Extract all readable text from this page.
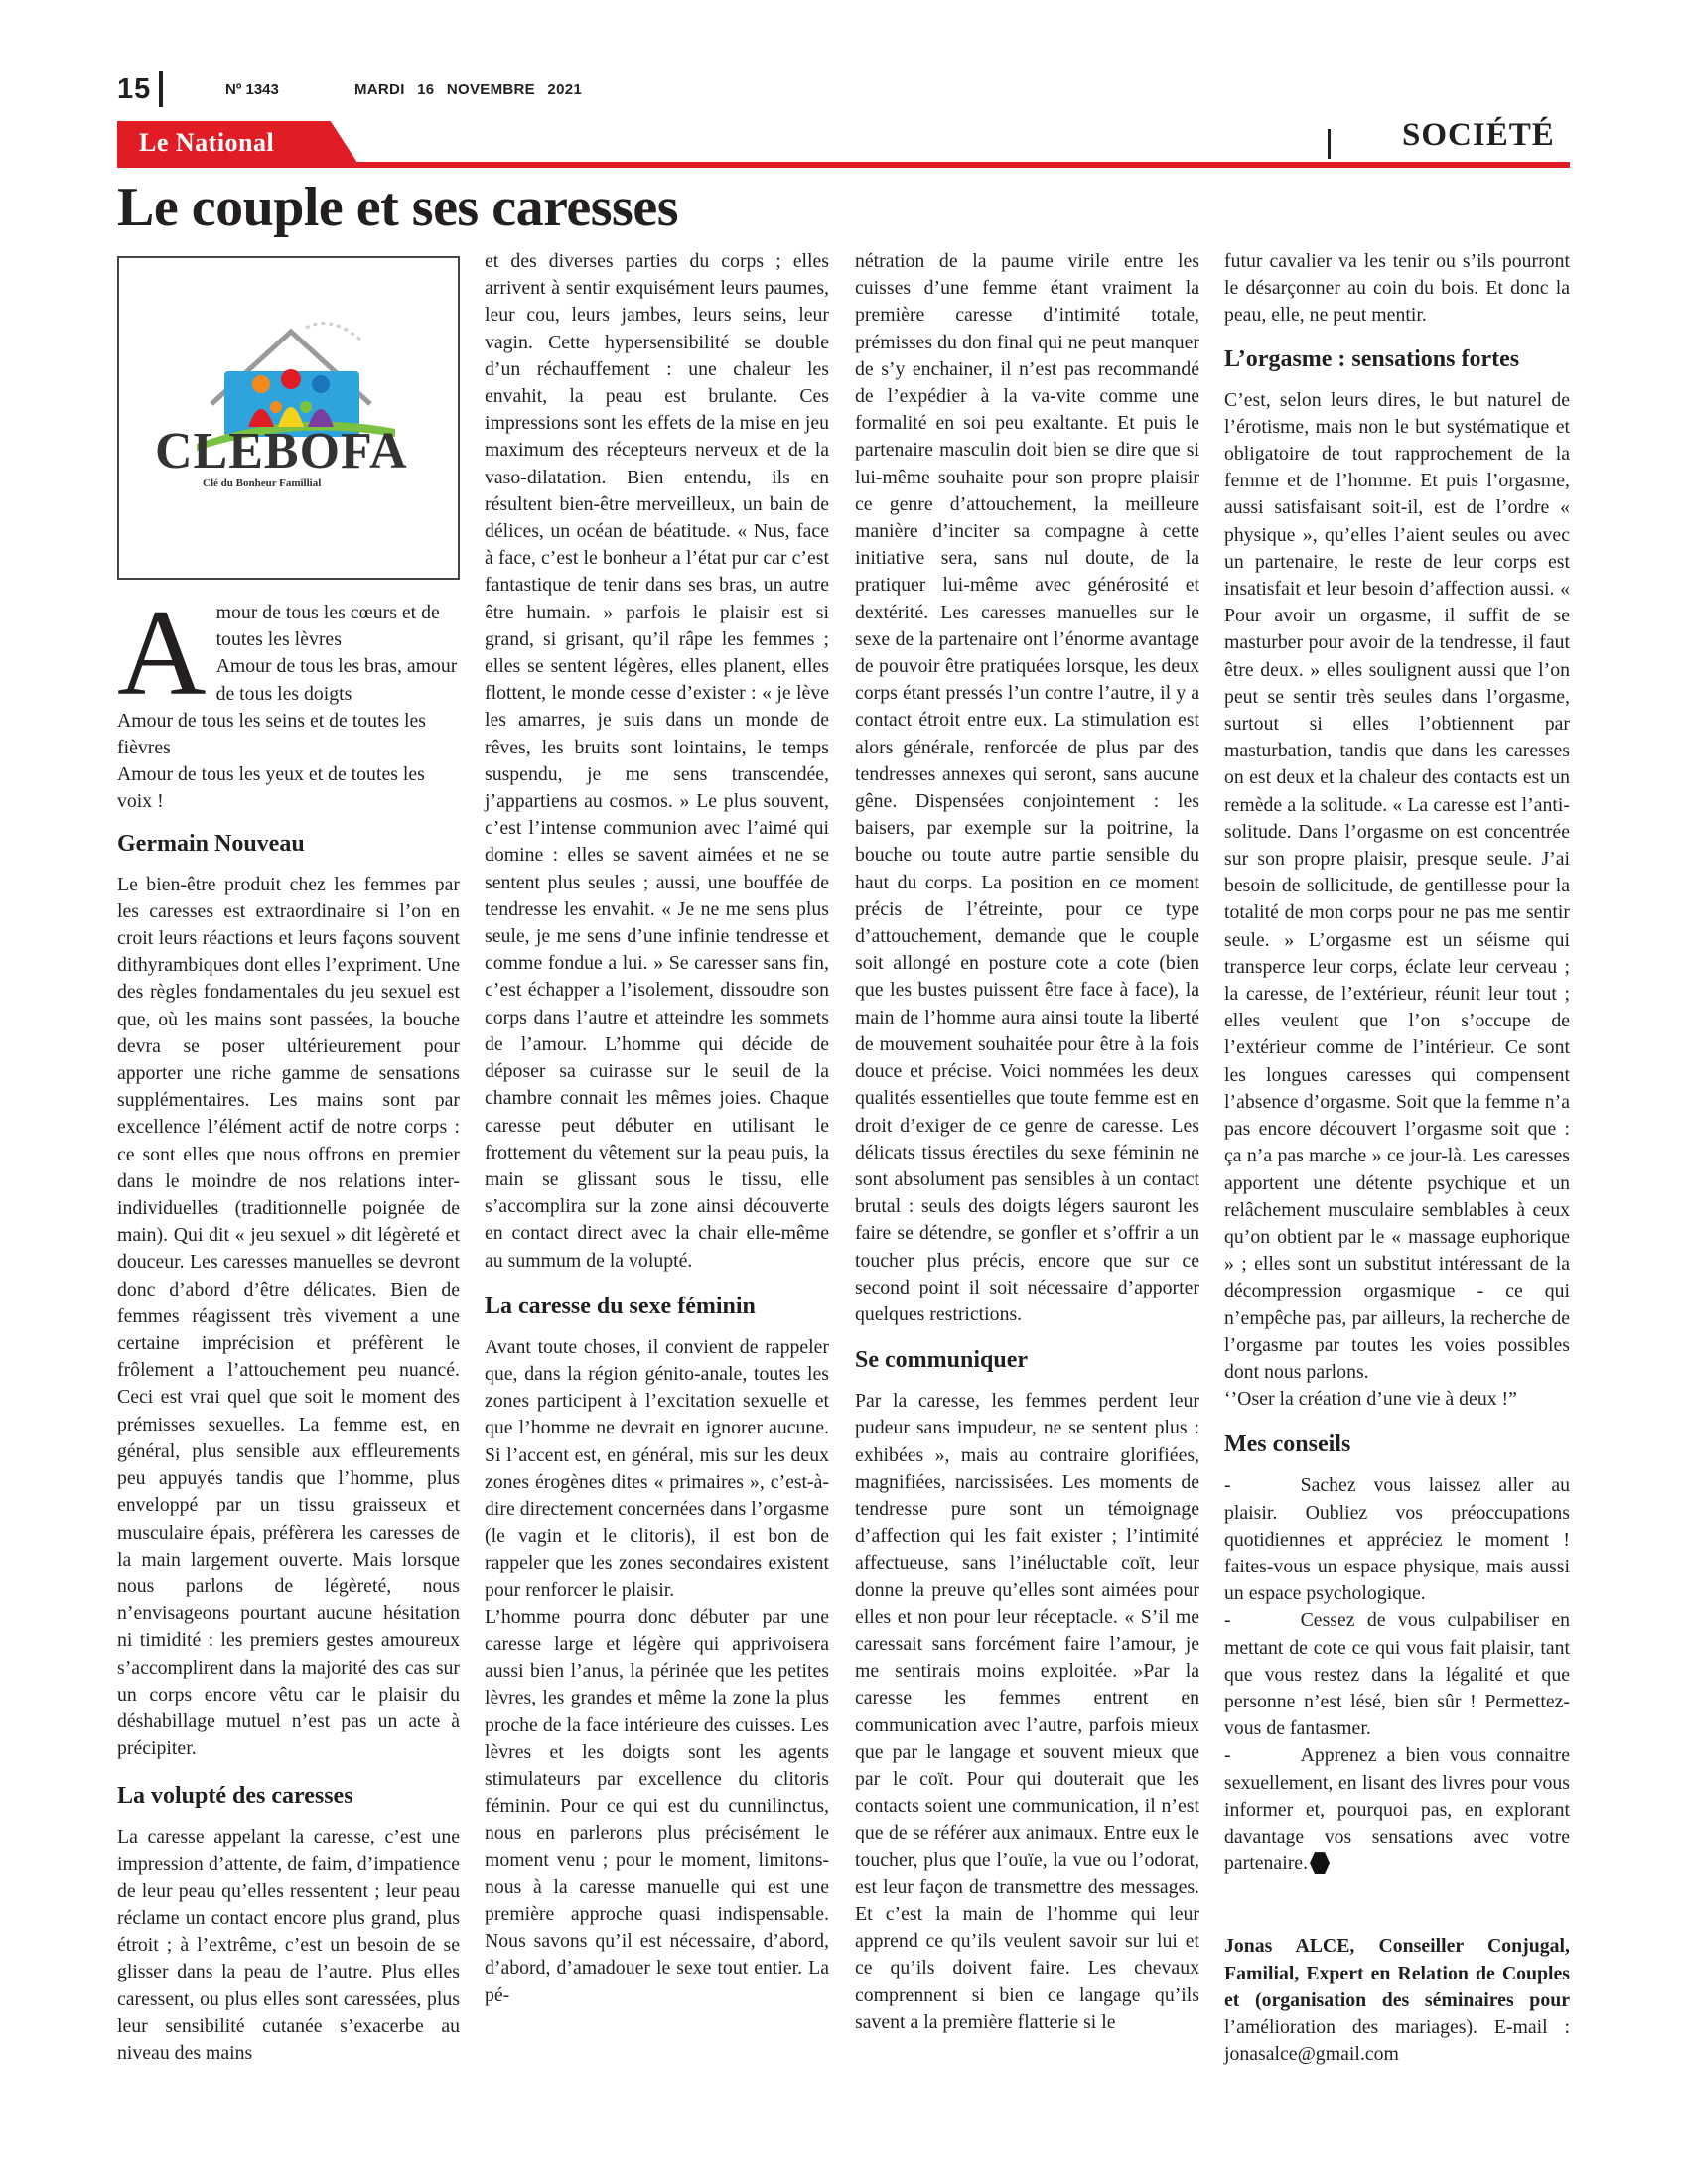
15	Nº 1343	MARDI 16 NOVEMBRE 2021
Le National	SOCIÉTÉ
Le couple et ses caresses
CLEBOFA
Clé du Bonheur Famillial
A mour de tous les cœurs et de toutes les lèvres
Amour de tous les bras, amour de tous les doigts
Amour de tous les seins et de toutes les fièvres
Amour de tous les yeux et de toutes les voix !
Germain Nouveau

Le bien-être produit chez les femmes par les caresses est extraordinaire si l’on en croit leurs réactions et leurs façons souvent dithyrambiques dont elles l’expriment. Une des règles fondamentales du jeu sexuel est que, où les mains sont passées, la bouche devra se poser ultérieurement pour apporter une riche gamme de sensations supplémentaires. Les mains sont par excellence l’élément actif de notre corps : ce sont elles que nous offrons en premier dans le moindre de nos relations inter-individuelles (traditionnelle poignée de main). Qui dit « jeu sexuel » dit légèreté et douceur. Les caresses manuelles se devront donc d’abord d’être délicates. Bien de femmes réagissent très vivement a une certaine imprécision et préfèrent le frôlement a l’attouchement peu nuancé. Ceci est vrai quel que soit le moment des prémisses sexuelles. La femme est, en général, plus sensible aux effleurements peu appuyés tandis que l’homme, plus enveloppé par un tissu graisseux et musculaire épais, préfèrera les caresses de la main largement ouverte. Mais lorsque nous parlons de légèreté, nous n’envisageons pourtant aucune hésitation ni timidité : les premiers gestes amoureux s’accomplirent dans la majorité des cas sur un corps encore vêtu car le plaisir du déshabillage mutuel n’est pas un acte à précipiter.

La volupté des caresses

La caresse appelant la caresse, c’est une impression d’attente, de faim, d’impatience de leur peau qu’elles ressentent ; leur peau réclame un contact encore plus grand, plus étroit ; à l’extrême, c’est un besoin de se glisser dans la peau de l’autre. Plus elles caressent, ou plus elles sont caressées, plus leur sensibilité cutanée s’exacerbe au niveau des mains

et des diverses parties du corps ; elles arrivent à sentir exquisément leurs paumes, leur cou, leurs jambes, leurs seins, leur vagin. Cette hypersensibilité se double d’un réchauffement : une chaleur les envahit, la peau est brulante. Ces impressions sont les effets de la mise en jeu maximum des récepteurs nerveux et de la vaso-dilatation. Bien entendu, ils en résultent bien-être merveilleux, un bain de délices, un océan de béatitude. « Nus, face à face, c’est le bonheur a l’état pur car c’est fantastique de tenir dans ses bras, un autre être humain. » parfois le plaisir est si grand, si grisant, qu’il râpe les femmes ; elles se sentent légères, elles planent, elles flottent, le monde cesse d’exister : « je lève les amarres, je suis dans un monde de rêves, les bruits sont lointains, le temps suspendu, je me sens transcendée, j’appartiens au cosmos. » Le plus souvent, c’est l’intense communion avec l’aimé qui domine : elles se savent aimées et ne se sentent plus seules ; aussi, une bouffée de tendresse les envahit. « Je ne me sens plus seule, je me sens d’une infinie tendresse et comme fondue a lui. » Se caresser sans fin, c’est échapper a l’isolement, dissoudre son corps dans l’autre et atteindre les sommets de l’amour. L’homme qui décide de déposer sa cuirasse sur le seuil de la chambre connait les mêmes joies. Chaque caresse peut débuter en utilisant le frottement du vêtement sur la peau puis, la main se glissant sous le tissu, elle s’accomplira sur la zone ainsi découverte en contact direct avec la chair elle-même au summum de la volupté.

La caresse du sexe féminin

Avant toute choses, il convient de rappeler que, dans la région génito-anale, toutes les zones participent à l’excitation sexuelle et que l’homme ne devrait en ignorer aucune. Si l’accent est, en général, mis sur les deux zones érogènes dites « primaires », c’est-à-dire directement concernées dans l’orgasme (le vagin et le clitoris), il est bon de rappeler que les zones secondaires existent pour renforcer le plaisir.

L’homme pourra donc débuter par une caresse large et légère qui apprivoisera aussi bien l’anus, la périnée que les petites lèvres, les grandes et même la zone la plus proche de la face intérieure des cuisses. Les lèvres et les doigts sont les agents stimulateurs par excellence du clitoris féminin. Pour ce qui est du cunnilinctus, nous en parlerons plus précisément le moment venu ; pour le moment, limitons-nous à la caresse manuelle qui est une première approche quasi indispensable. Nous savons qu’il est nécessaire, d’abord, d’abord, d’amadouer le sexe tout entier. La pé-

nétration de la paume virile entre les cuisses d’une femme étant vraiment la première caresse d’intimité totale, prémisses du don final qui ne peut manquer de s’y enchainer, il n’est pas recommandé de l’expédier à la va-vite comme une formalité en soi peu exaltante. Et puis le partenaire masculin doit bien se dire que si lui-même souhaite pour son propre plaisir ce genre d’attouchement, la meilleure manière d’inciter sa compagne à cette initiative sera, sans nul doute, de la pratiquer lui-même avec générosité et dextérité. Les caresses manuelles sur le sexe de la partenaire ont l’énorme avantage de pouvoir être pratiquées lorsque, les deux corps étant pressés l’un contre l’autre, il y a contact étroit entre eux. La stimulation est alors générale, renforcée de plus par des tendresses annexes qui seront, sans aucune gêne. Dispensées conjointement : les baisers, par exemple sur la poitrine, la bouche ou toute autre partie sensible du haut du corps. La position en ce moment précis de l’étreinte, pour ce type d’attouchement, demande que le couple soit allongé en posture cote a cote (bien que les bustes puissent être face à face), la main de l’homme aura ainsi toute la liberté de mouvement souhaitée pour être à la fois douce et précise. Voici nommées les deux qualités essentielles que toute femme est en droit d’exiger de ce genre de caresse. Les délicats tissus érectiles du sexe féminin ne sont absolument pas sensibles à un contact brutal : seuls des doigts légers sauront les faire se détendre, se gonfler et s’offrir a un toucher plus précis, encore que sur ce second point il soit nécessaire d’apporter quelques restrictions.

Se communiquer

Par la caresse, les femmes perdent leur pudeur sans impudeur, ne se sentent plus : exhibées », mais au contraire glorifiées, magnifiées, narcissisées. Les moments de tendresse pure sont un témoignage d’affection qui les fait exister ; l’intimité affectueuse, sans l’inéluctable coït, leur donne la preuve qu’elles sont aimées pour elles et non pour leur réceptacle. « S’il me caressait sans forcément faire l’amour, je me sentirais moins exploitée. »Par la caresse les femmes entrent en communication avec l’autre, parfois mieux que par le langage et souvent mieux que par le coït. Pour qui douterait que les contacts soient une communication, il n’est que de se référer aux animaux. Entre eux le toucher, plus que l’ouïe, la vue ou l’odorat, est leur façon de transmettre des messages. Et c’est la main de l’homme qui leur apprend ce qu’ils veulent savoir sur lui et ce qu’ils doivent faire. Les chevaux comprennent si bien ce langage qu’ils savent a la première flatterie si le

futur cavalier va les tenir ou s’ils pourront le désarçonner au coin du bois. Et donc la peau, elle, ne peut mentir.

L’orgasme : sensations fortes

C’est, selon leurs dires, le but naturel de l’érotisme, mais non le but systématique et obligatoire de tout rapprochement de la femme et de l’homme. Et puis l’orgasme, aussi satisfaisant soit-il, est de l’ordre « physique », qu’elles l’aient seules ou avec un partenaire, le reste de leur corps est insatisfait et leur besoin d’affection aussi. « Pour avoir un orgasme, il suffit de se masturber pour avoir de la tendresse, il faut être deux. » elles soulignent aussi que l’on peut se sentir très seules dans l’orgasme, surtout si elles l’obtiennent par masturbation, tandis que dans les caresses on est deux et la chaleur des contacts est un remède a la solitude. « La caresse est l’anti-solitude. Dans l’orgasme on est concentrée sur son propre plaisir, presque seule. J’ai besoin de sollicitude, de gentillesse pour la totalité de mon corps pour ne pas me sentir seule. » L’orgasme est un séisme qui transperce leur corps, éclate leur cerveau ; la caresse, de l’extérieur, réunit leur tout ; elles veulent que l’on s’occupe de l’extérieur comme de l’intérieur. Ce sont les longues caresses qui compensent l’absence d’orgasme. Soit que la femme n’a pas encore découvert l’orgasme soit que : ça n’a pas marche » ce jour-là. Les caresses apportent une détente psychique et un relâchement musculaire semblables à ceux qu’on obtient par le « massage euphorique » ; elles sont un substitut intéressant de la décompression orgasmique - ce qui n’empêche pas, par ailleurs, la recherche de l’orgasme par toutes les voies possibles dont nous parlons.

‘’Oser la création d’une vie à deux !”

Mes conseils

-	Sachez vous laissez aller au plaisir. Oubliez vos préoccupations quotidiennes et appréciez le moment ! faites-vous un espace physique, mais aussi un espace psychologique.

-	Cessez de vous culpabiliser en mettant de cote ce qui vous fait plaisir, tant que vous restez dans la légalité et que personne n’est lésé, bien sûr ! Permettez-vous de fantasmer.

-	Apprenez a bien vous connaitre sexuellement, en lisant des livres pour vous informer et, pourquoi pas, en explorant davantage vos sensations avec votre partenaire.

Jonas ALCE, Conseiller Conjugal, Familial, Expert en Relation de Couples et (organisation des séminaires pour l’amélioration des mariages). E-mail : jonasalce@gmail.com
